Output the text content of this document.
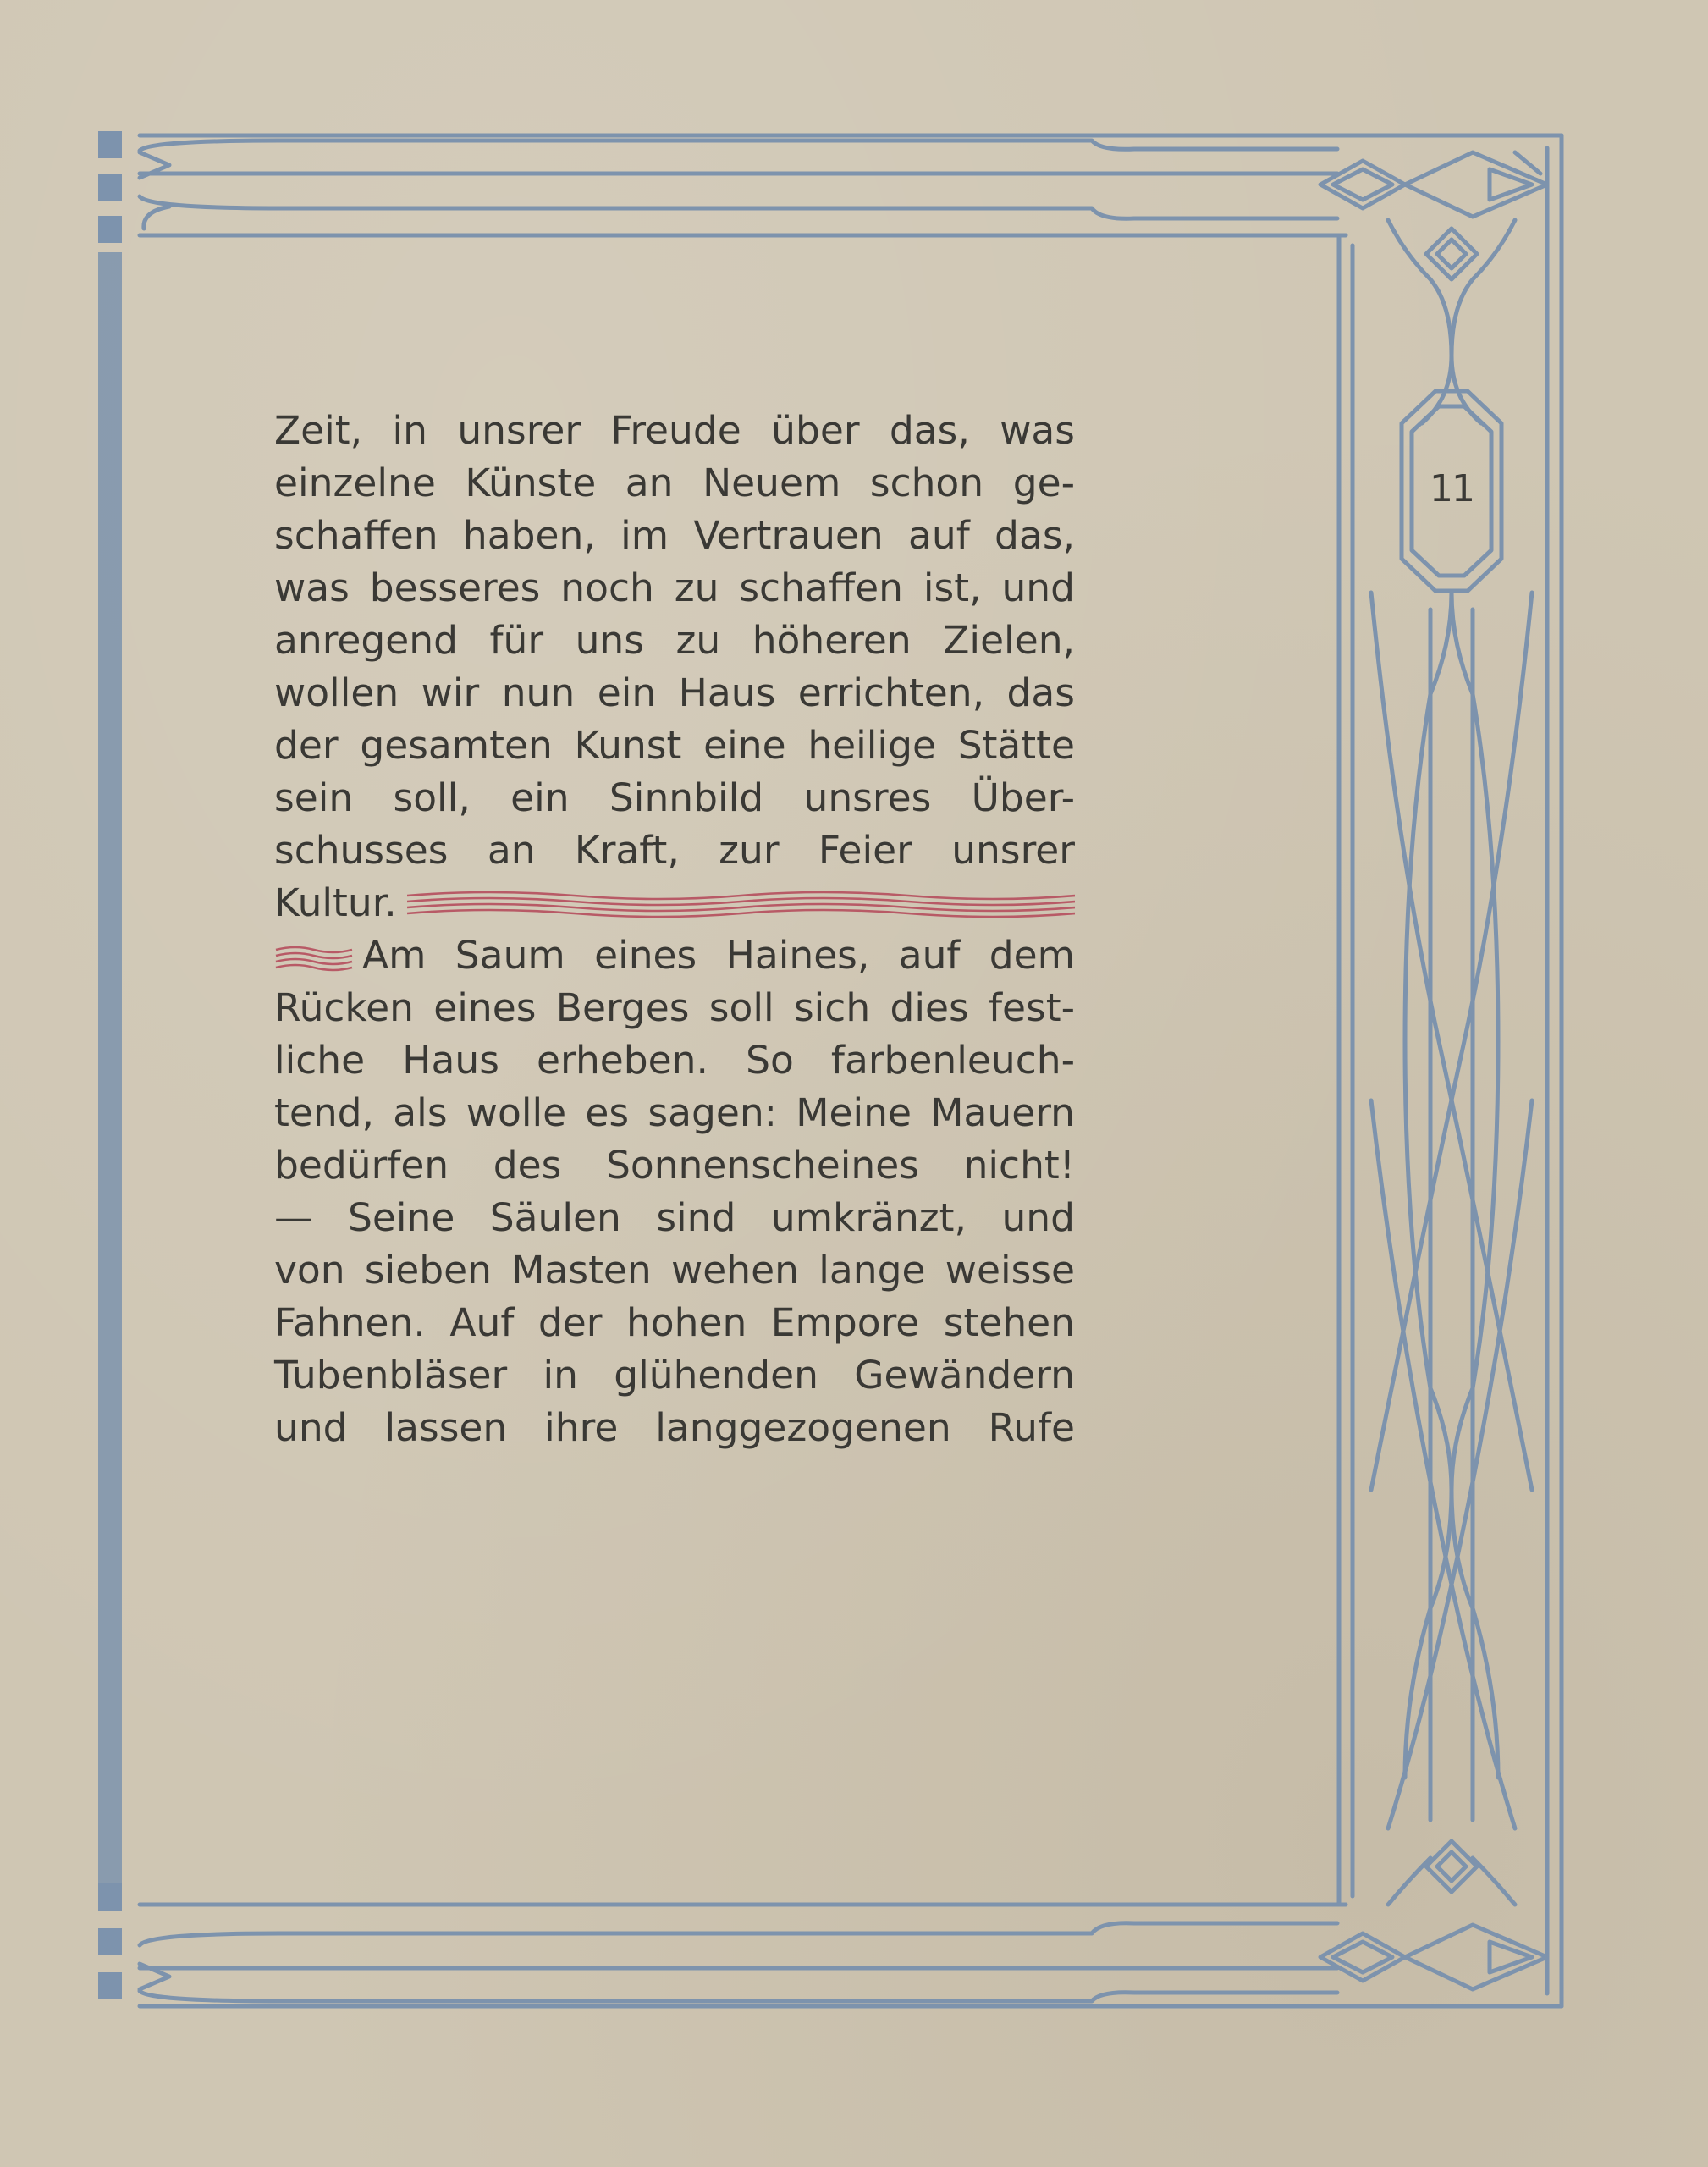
11
Zeit, in unsrer Freude über das, was
einzelne Künste an Neuem schon ge-
schaffen haben, im Vertrauen auf das,
was besseres noch zu schaffen ist, und
anregend für uns zu höheren Zielen,
wollen wir nun ein Haus errichten, das
der gesamten Kunst eine heilige Stätte
sein soll, ein Sinnbild unsres Über-
schusses an Kraft, zur Feier unsrer
Kultur.
Am Saum eines Haines, auf dem
Rücken eines Berges soll sich dies fest-
liche Haus erheben. So farbenleuch-
tend, als wolle es sagen: Meine Mauern
bedürfen des Sonnenscheines nicht!
— Seine Säulen sind umkränzt, und
von sieben Masten wehen lange weisse
Fahnen. Auf der hohen Empore stehen
Tubenbläser in glühenden Gewändern
und lassen ihre langgezogenen Rufe
